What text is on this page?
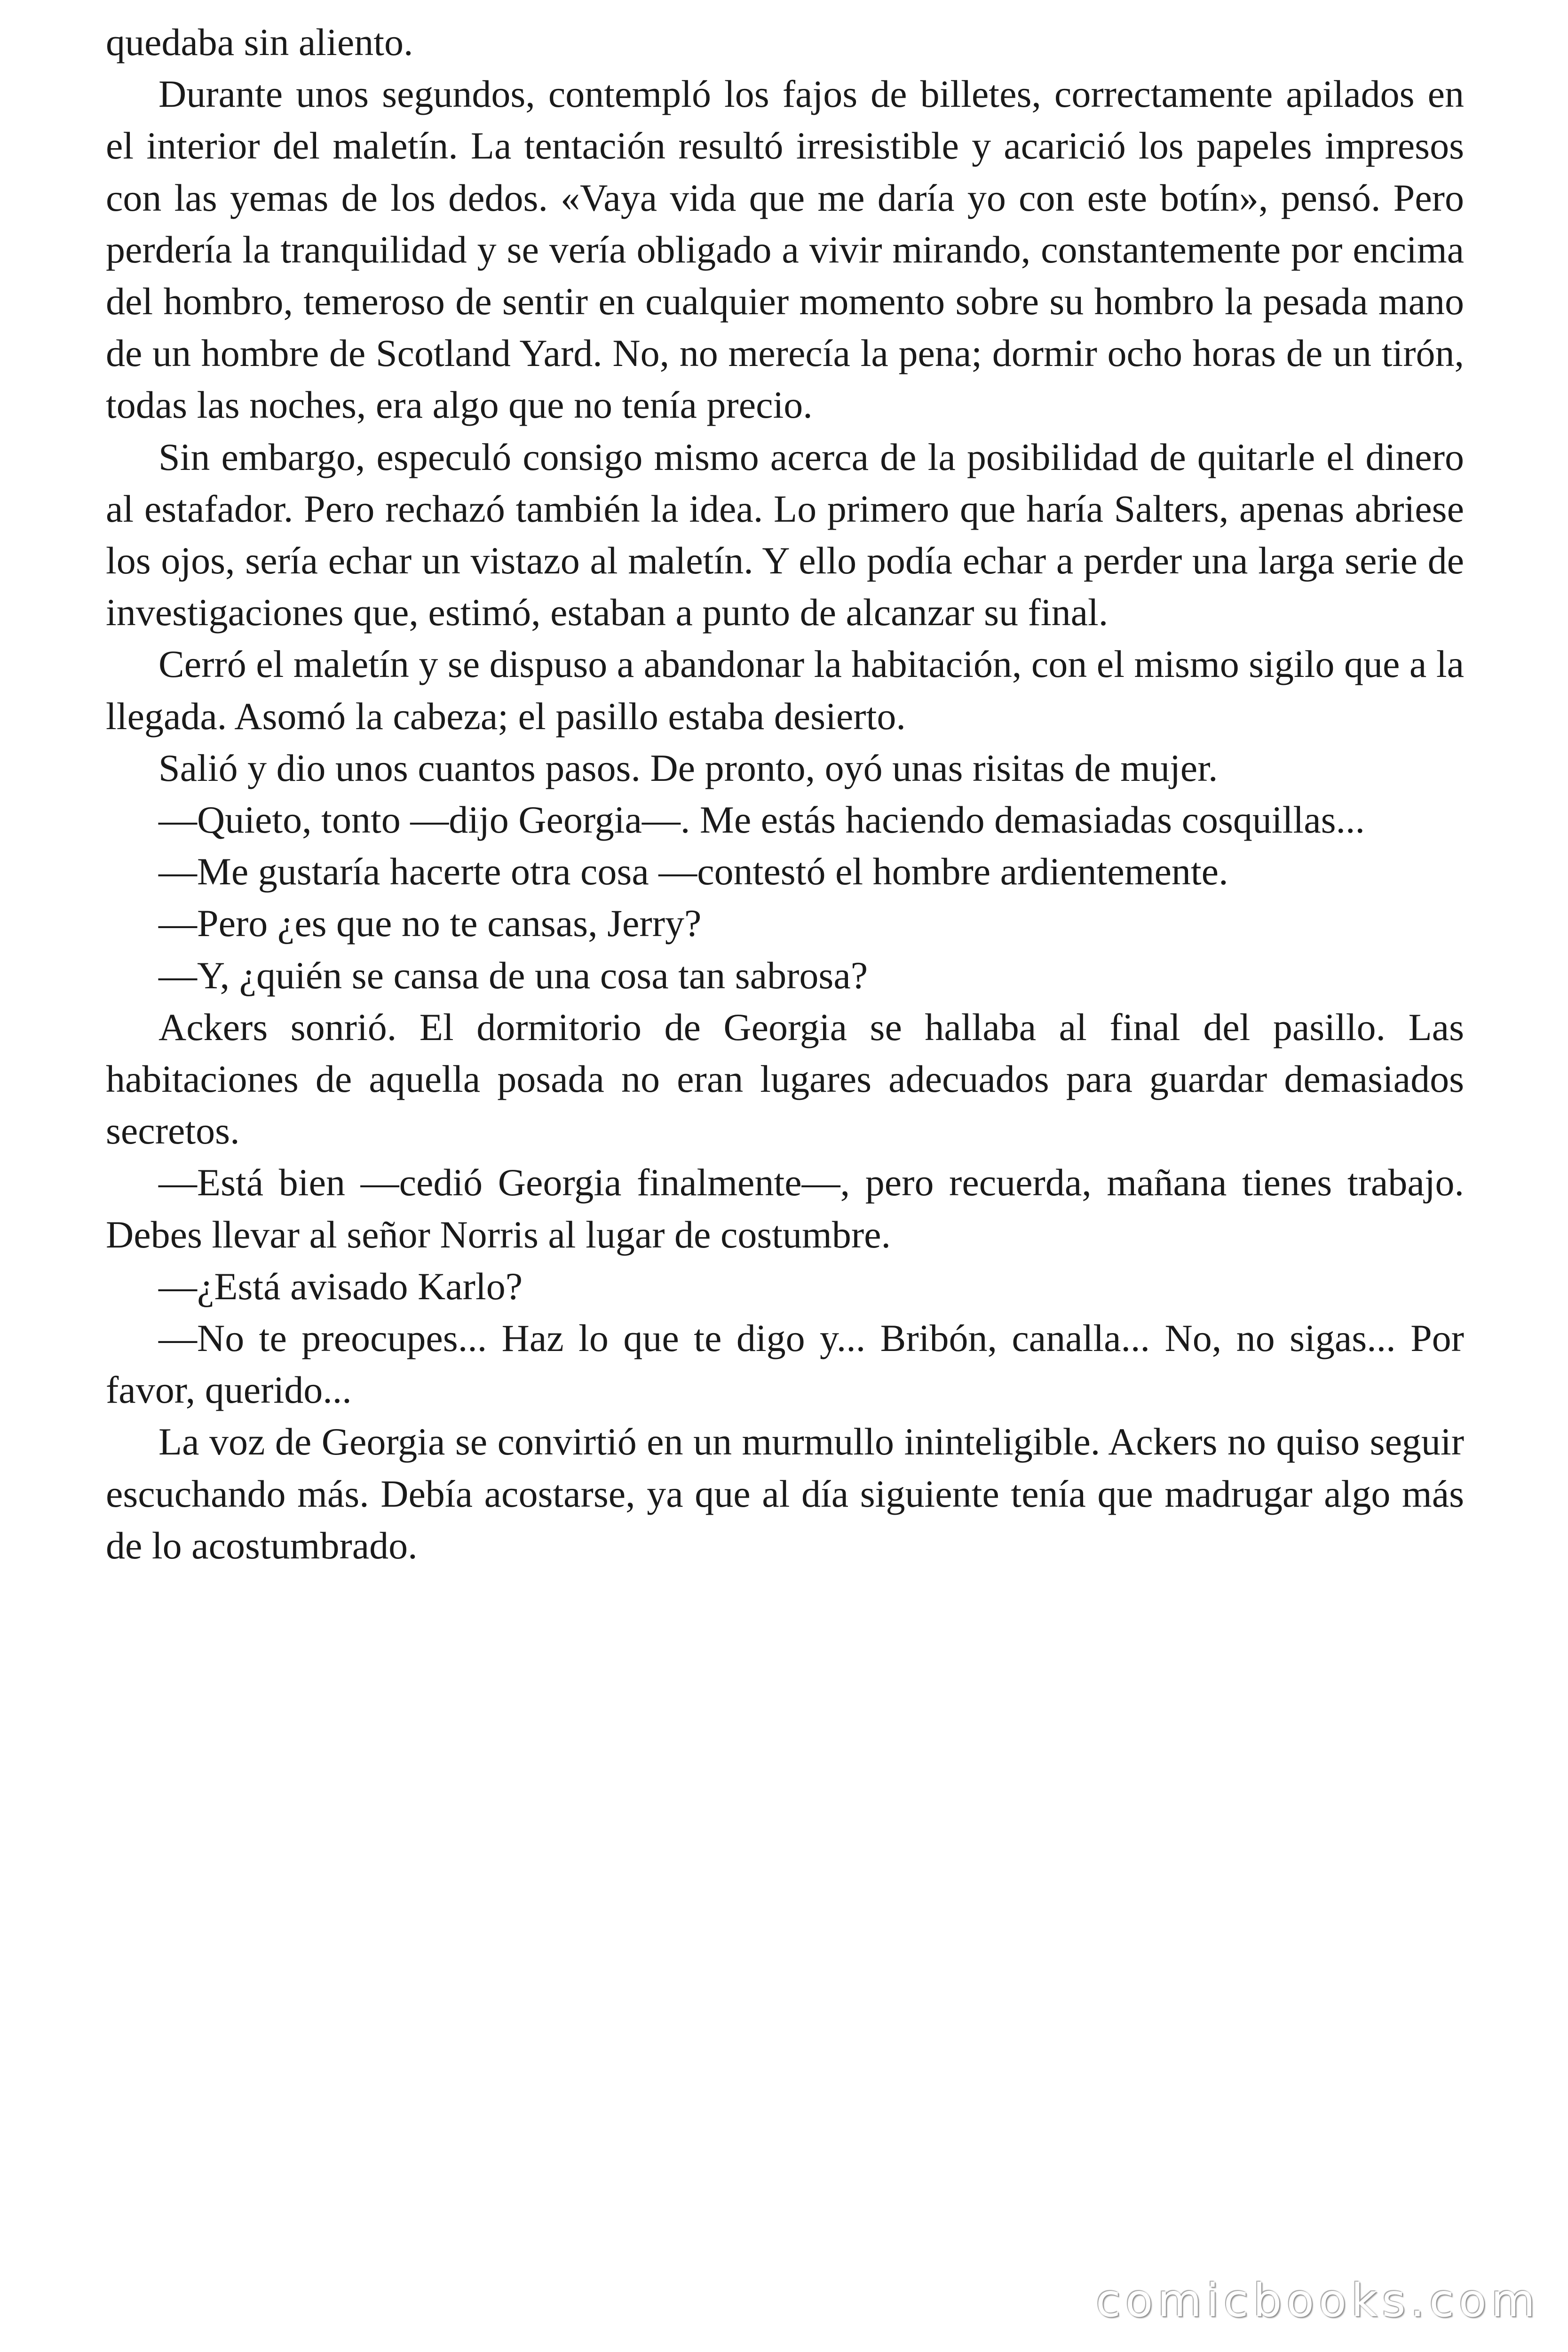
quedaba sin aliento.

Durante unos segundos, contempló los fajos de billetes, correctamente apilados en el interior del maletín. La tentación resultó irresistible y acarició los papeles impresos con las yemas de los dedos. «Vaya vida que me daría yo con este botín», pensó. Pero perdería la tranquilidad y se vería obligado a vivir mirando, constantemente por encima del hombro, temeroso de sentir en cualquier momento sobre su hombro la pesada mano de un hombre de Scotland Yard. No, no merecía la pena; dormir ocho horas de un tirón, todas las noches, era algo que no tenía precio.

Sin embargo, especuló consigo mismo acerca de la posibilidad de quitarle el dinero al estafador. Pero rechazó también la idea. Lo primero que haría Salters, apenas abriese los ojos, sería echar un vistazo al maletín. Y ello podía echar a perder una larga serie de investigaciones que, estimó, estaban a punto de alcanzar su final.

Cerró el maletín y se dispuso a abandonar la habitación, con el mismo sigilo que a la llegada. Asomó la cabeza; el pasillo estaba desierto.

Salió y dio unos cuantos pasos. De pronto, oyó unas risitas de mujer.

—Quieto, tonto —dijo Georgia—. Me estás haciendo demasiadas cosquillas...

—Me gustaría hacerte otra cosa —contestó el hombre ardientemente.

—Pero ¿es que no te cansas, Jerry?

—Y, ¿quién se cansa de una cosa tan sabrosa?

Ackers sonrió. El dormitorio de Georgia se hallaba al final del pasillo. Las habitaciones de aquella posada no eran lugares adecuados para guardar demasiados secretos.

—Está bien —cedió Georgia finalmente—, pero recuerda, mañana tienes trabajo. Debes llevar al señor Norris al lugar de costumbre.

—¿Está avisado Karlo?

—No te preocupes... Haz lo que te digo y... Bribón, canalla... No, no sigas... Por favor, querido...

La voz de Georgia se convirtió en un murmullo ininteligible. Ackers no quiso seguir escuchando más. Debía acostarse, ya que al día siguiente tenía que madrugar algo más de lo acostumbrado.

comicbooks.com
